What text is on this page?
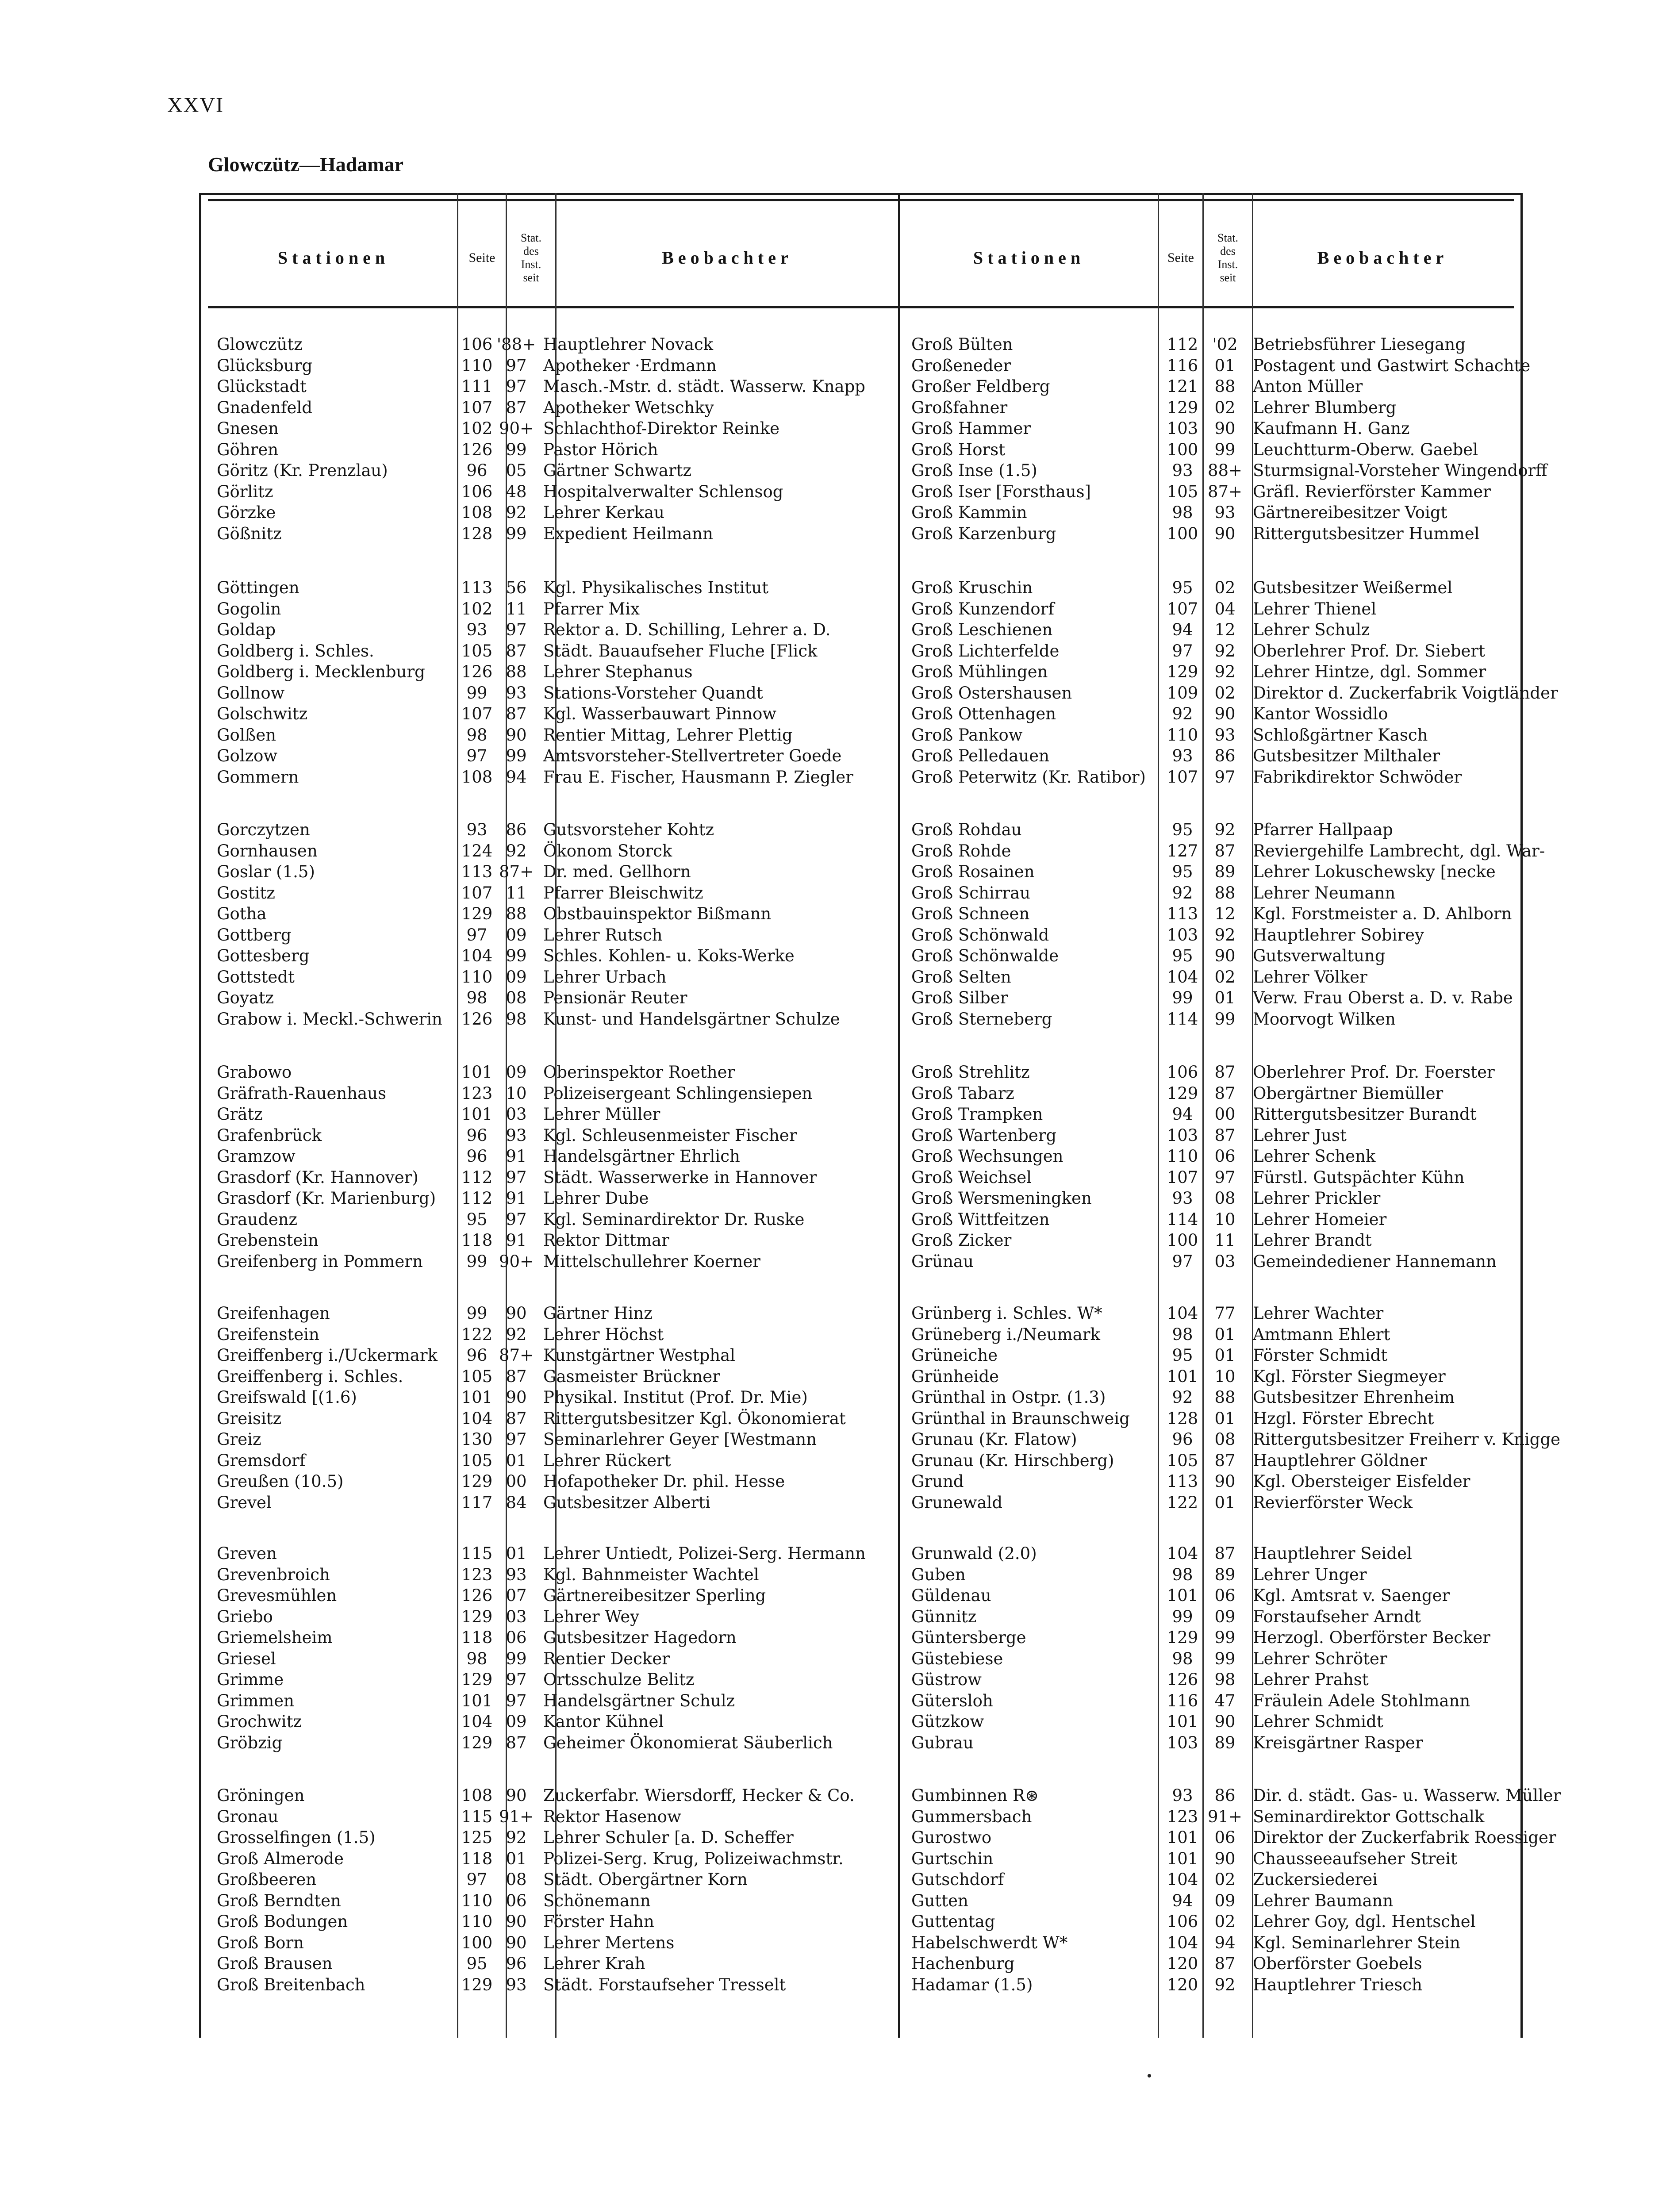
XXVI
Glowczütz—Hadamar
Stationen	Seite
Stat.
des
Inst.
seit
Beobachter	Stationen	Seite
Stat.
des
Inst.
seit
Beobachter
Glowczütz	106 '88+ Hauptlehrer Novack	Groß Bülten	112 '02 Betriebsführer Liesegang
Glücksburg	110 97	Apotheker ·Erdmann	Großeneder	116	01	Postagent und Gastwirt Schachte
Glückstadt	111 97	Masch.-Mstr. d. städt. Wasserw. Knapp	Großer Feldberg	121	88	Anton Müller
Gnadenfeld	107 87	Apotheker Wetschky	Großfahner	129	02	Lehrer Blumberg
Gnesen	102 90+ Schlachthof-Direktor Reinke	Groß Hammer	103	90	Kaufmann H. Ganz
Göhren	126 99	Pastor Hörich	Groß Horst	100	99	Leuchtturm-Oberw. Gaebel
Göritz (Kr. Prenzlau)	96	05	Gärtner Schwartz	Groß Inse (1.5)	93 88+ Sturmsignal-Vorsteher Wingendorff
Görlitz	106 48	Hospitalverwalter Schlensog	Groß Iser [Forsthaus]	105 87+ Gräfl. Revierförster Kammer
Görzke	108 92	Lehrer Kerkau	Groß Kammin	98	93	Gärtnereibesitzer Voigt
Gößnitz	128 99	Expedient Heilmann	Groß Karzenburg	100	90	Rittergutsbesitzer Hummel
Göttingen	113 56	Kgl. Physikalisches Institut	Groß Kruschin	95	02	Gutsbesitzer Weißermel
Gogolin	102 11	Pfarrer Mix	Groß Kunzendorf	107	04	Lehrer Thienel
Goldap	93	97	Rektor a. D. Schilling, Lehrer a. D.	Groß Leschienen	94	12	Lehrer Schulz
Goldberg i. Schles.	105 87	Städt. Bauaufseher Fluche [Flick	Groß Lichterfelde	97	92	Oberlehrer Prof. Dr. Siebert
Goldberg i. Mecklenburg	126 88	Lehrer Stephanus	Groß Mühlingen	129	92	Lehrer Hintze, dgl. Sommer
Gollnow	99	93	Stations-Vorsteher Quandt	Groß Ostershausen	109	02	Direktor d. Zuckerfabrik Voigtländer
Golschwitz	107 87	Kgl. Wasserbauwart Pinnow	Groß Ottenhagen	92	90	Kantor Wossidlo
Golßen	98	90	Rentier Mittag, Lehrer Plettig	Groß Pankow	110	93	Schloßgärtner Kasch
Golzow	97	99	Amtsvorsteher-Stellvertreter Goede	Groß Pelledauen	93	86	Gutsbesitzer Milthaler
Gommern	108 94	Frau E. Fischer, Hausmann P. Ziegler	Groß Peterwitz (Kr. Ratibor)	107	97	Fabrikdirektor Schwöder
Gorczytzen	93	86	Gutsvorsteher Kohtz	Groß Rohdau	95	92	Pfarrer Hallpaap
Gornhausen	124 92	Ökonom Storck	Groß Rohde	127	87	Reviergehilfe Lambrecht, dgl. War-
Goslar (1.5)	113 87+ Dr. med. Gellhorn	Groß Rosainen	95	89	Lehrer Lokuschewsky [necke
Gostitz	107 11	Pfarrer Bleischwitz	Groß Schirrau	92	88	Lehrer Neumann
Gotha	129 88	Obstbauinspektor Bißmann	Groß Schneen	113	12	Kgl. Forstmeister a. D. Ahlborn
Gottberg	97	09	Lehrer Rutsch	Groß Schönwald	103	92	Hauptlehrer Sobirey
Gottesberg	104 99	Schles. Kohlen- u. Koks-Werke	Groß Schönwalde	95	90	Gutsverwaltung
Gottstedt	110 09	Lehrer Urbach	Groß Selten	104	02	Lehrer Völker
Goyatz	98	08	Pensionär Reuter	Groß Silber	99	01	Verw. Frau Oberst a. D. v. Rabe
Grabow i. Meckl.-Schwerin	126 98	Kunst- und Handelsgärtner Schulze	Groß Sterneberg	114	99	Moorvogt Wilken
Grabowo	101 09	Oberinspektor Roether	Groß Strehlitz	106	87	Oberlehrer Prof. Dr. Foerster
Gräfrath-Rauenhaus	123 10	Polizeisergeant Schlingensiepen	Groß Tabarz	129	87	Obergärtner Biemüller
Grätz	101 03	Lehrer Müller	Groß Trampken	94	00	Rittergutsbesitzer Burandt
Grafenbrück	96	93	Kgl. Schleusenmeister Fischer	Groß Wartenberg	103	87	Lehrer Just
Gramzow	96	91	Handelsgärtner Ehrlich	Groß Wechsungen	110	06	Lehrer Schenk
Grasdorf (Kr. Hannover)	112 97	Städt. Wasserwerke in Hannover	Groß Weichsel	107	97	Fürstl. Gutspächter Kühn
Grasdorf (Kr. Marienburg)	112 91	Lehrer Dube	Groß Wersmeningken	93	08	Lehrer Prickler
Graudenz	95	97	Kgl. Seminardirektor Dr. Ruske	Groß Wittfeitzen	114	10	Lehrer Homeier
Grebenstein	118 91	Rektor Dittmar	Groß Zicker	100	11	Lehrer Brandt
Greifenberg in Pommern	99 90+ Mittelschullehrer Koerner	Grünau	97	03	Gemeindediener Hannemann
Greifenhagen	99	90	Gärtner Hinz	Grünberg i. Schles. W*	104	77	Lehrer Wachter
Greifenstein	122 92	Lehrer Höchst	Grüneberg i./Neumark	98	01	Amtmann Ehlert
Greiffenberg i./Uckermark	96 87+ Kunstgärtner Westphal	Grüneiche	95	01	Förster Schmidt
Greiffenberg i. Schles.	105 87	Gasmeister Brückner	Grünheide	101	10	Kgl. Förster Siegmeyer
Greifswald [(1.6)	101 90	Physikal. Institut (Prof. Dr. Mie)	Grünthal in Ostpr. (1.3)	92	88	Gutsbesitzer Ehrenheim
Greisitz	104 87	Rittergutsbesitzer Kgl. Ökonomierat	Grünthal in Braunschweig	128	01	Hzgl. Förster Ebrecht
Greiz	130 97	Seminarlehrer Geyer [Westmann	Grunau (Kr. Flatow)	96	08	Rittergutsbesitzer Freiherr v. Knigge
Gremsdorf	105 01	Lehrer Rückert	Grunau (Kr. Hirschberg)	105	87	Hauptlehrer Göldner
Greußen (10.5)	129 00	Hofapotheker Dr. phil. Hesse	Grund	113	90	Kgl. Obersteiger Eisfelder
Grevel	117 84	Gutsbesitzer Alberti	Grunewald	122	01	Revierförster Weck
Greven	115 01	Lehrer Untiedt, Polizei-Serg. Hermann	Grunwald (2.0)	104	87	Hauptlehrer Seidel
Grevenbroich	123 93	Kgl. Bahnmeister Wachtel	Guben	98	89	Lehrer Unger
Grevesmühlen	126 07	Gärtnereibesitzer Sperling	Güldenau	101	06	Kgl. Amtsrat v. Saenger
Griebo	129 03	Lehrer Wey	Günnitz	99	09	Forstaufseher Arndt
Griemelsheim	118 06	Gutsbesitzer Hagedorn	Güntersberge	129	99	Herzogl. Oberförster Becker
Griesel	98	99	Rentier Decker	Güstebiese	98	99	Lehrer Schröter
Grimme	129 97	Ortsschulze Belitz	Güstrow	126	98	Lehrer Prahst
Grimmen	101 97	Handelsgärtner Schulz	Gütersloh	116	47	Fräulein Adele Stohlmann
Grochwitz	104 09	Kantor Kühnel	Gützkow	101	90	Lehrer Schmidt
Gröbzig	129 87	Geheimer Ökonomierat Säuberlich	Gubrau	103	89	Kreisgärtner Rasper
Gröningen	108 90	Zuckerfabr. Wiersdorff, Hecker & Co.	Gumbinnen R⊛	93	86	Dir. d. städt. Gas- u. Wasserw. Müller
Gronau	115 91+ Rektor Hasenow	Gummersbach	123 91+ Seminardirektor Gottschalk
Grosselfingen (1.5)	125 92	Lehrer Schuler [a. D. Scheffer	Gurostwo	101	06	Direktor der Zuckerfabrik Roessiger
Groß Almerode	118 01	Polizei-Serg. Krug, Polizeiwachmstr.	Gurtschin	101	90	Chausseeaufseher Streit
Großbeeren	97	08	Städt. Obergärtner Korn	Gutschdorf	104	02	Zuckersiederei
Groß Berndten	110 06	Schönemann	Gutten	94	09	Lehrer Baumann
Groß Bodungen	110 90	Förster Hahn	Guttentag	106	02	Lehrer Goy, dgl. Hentschel
Groß Born	100 90	Lehrer Mertens	Habelschwerdt W*	104	94	Kgl. Seminarlehrer Stein
Groß Brausen	95	96	Lehrer Krah	Hachenburg	120	87	Oberförster Goebels
Groß Breitenbach	129 93	Städt. Forstaufseher Tresselt	Hadamar (1.5)	120	92	Hauptlehrer Triesch
